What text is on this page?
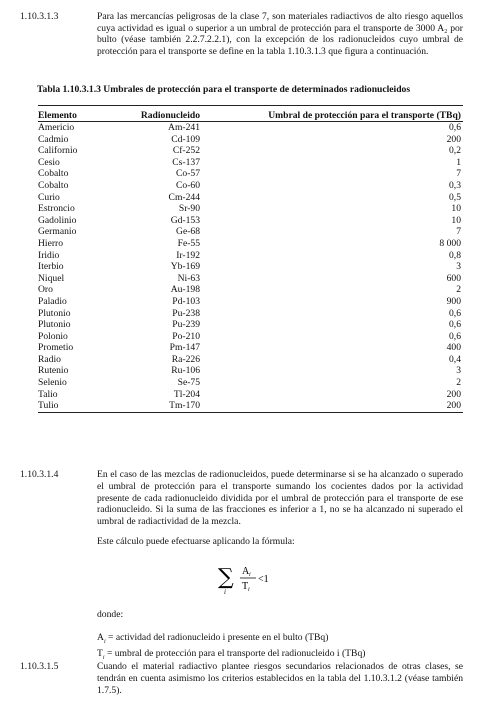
1.10.3.1.3	Para las mercancías peligrosas de la clase 7, son materiales radiactivos de alto riesgo aquellos cuya actividad es igual o superior a un umbral de protección para el transporte de 3000 A₂ por bulto (véase también 2.2.7.2.2.1), con la excepción de los radionucleidos cuyo umbral de protección para el transporte se define en la tabla 1.10.3.1.3 que figura a continuación.
Tabla 1.10.3.1.3 Umbrales de protección para el transporte de determinados radionucleidos
Elemento	Radionucleido	Umbral de protección para el transporte (TBq)
Americio	Am-241	0,6
Cadmio	Cd-109	200
Californio	Cf-252	0,2
Cesio	Cs-137	1
Cobalto	Co-57	7
Cobalto	Co-60	0,3
Curio	Cm-244	0,5
Estroncio	Sr-90	10
Gadolinio	Gd-153	10
Germanio	Ge-68	7
Hierro	Fe-55	8 000
Iridio	Ir-192	0,8
Iterbio	Yb-169	3
Niquel	Ni-63	600
Oro	Au-198	2
Paladio	Pd-103	900
Plutonio	Pu-238	0,6
Plutonio	Pu-239	0,6
Polonio	Po-210	0,6
Prometio	Pm-147	400
Radio	Ra-226	0,4
Rutenio	Ru-106	3
Selenio	Se-75	2
Talio	Tl-204	200
Tulio	Tm-170	200
1.10.3.1.4	En el caso de las mezclas de radionucleidos, puede determinarse si se ha alcanzado o superado el umbral de protección para el transporte sumando los cocientes dados por la actividad presente de cada radionucleido dividida por el umbral de protección para el transporte de ese radionucleido. Si la suma de las fracciones es inferior a 1, no se ha alcanzado ni superado el umbral de radiactividad de la mezcla.
Este cálculo puede efectuarse aplicando la fórmula:
∑
i
A i
T i
<1
donde:
$A_i$ = actividad del radionucleido i presente en el bulto (TBq)
$T_i$ = umbral de protección para el transporte del radionucleido i (TBq)
1.10.3.1.5	Cuando el material radiactivo plantee riesgos secundarios relacionados de otras clases, se tendrán en cuenta asimismo los criterios establecidos en la tabla del 1.10.3.1.2 (véase también 1.7.5).
